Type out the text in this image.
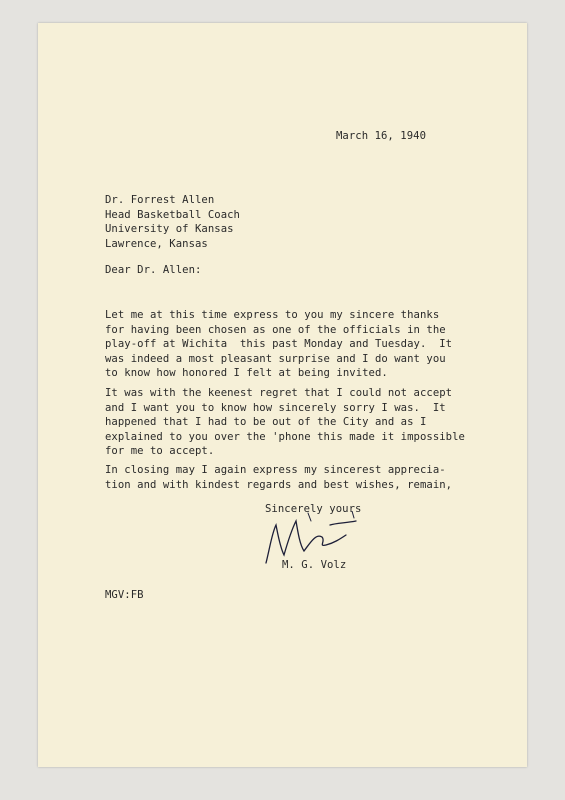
March 16, 1940
Dr. Forrest Allen
Head Basketball Coach
University of Kansas
Lawrence, Kansas
Dear Dr. Allen:
Let me at this time express to you my sincere thanks
for having been chosen as one of the officials in the
play-off at Wichita  this past Monday and Tuesday.  It
was indeed a most pleasant surprise and I do want you
to know how honored I felt at being invited.
It was with the keenest regret that I could not accept
and I want you to know how sincerely sorry I was.  It
happened that I had to be out of the City and as I
explained to you over the 'phone this made it impossible
for me to accept.
In closing may I again express my sincerest apprecia-
tion and with kindest regards and best wishes, remain,
Sincerely yours
M. G. Volz
MGV:FB
